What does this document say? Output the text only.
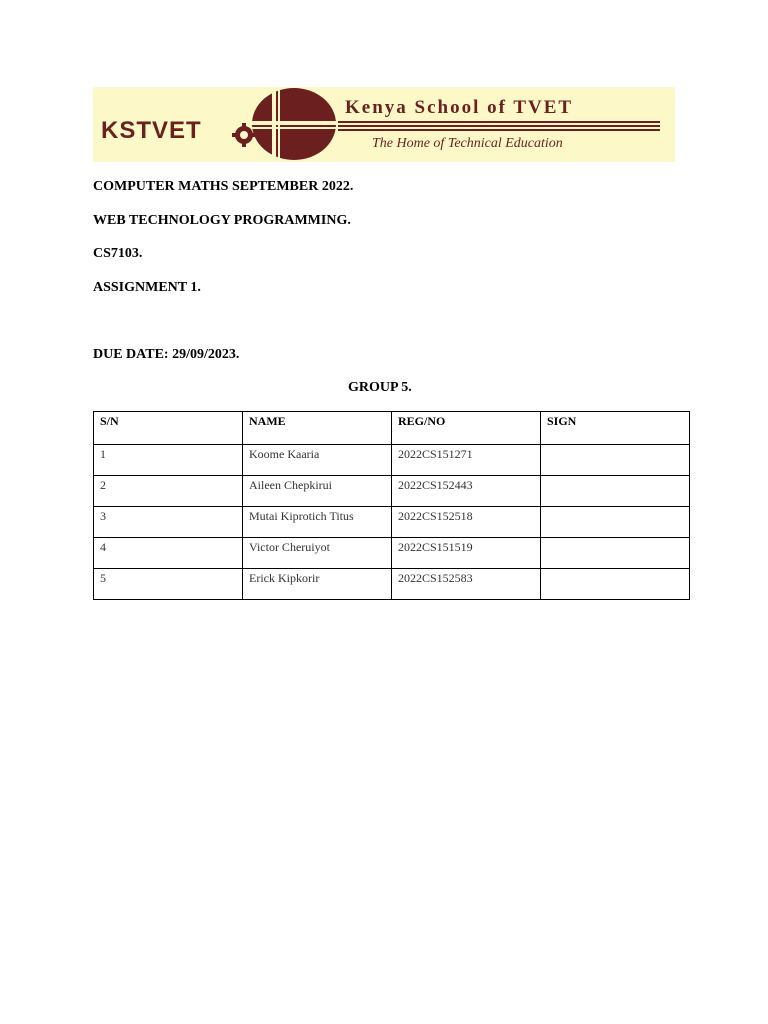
KSTVET
Kenya School of TVET
The Home of Technical Education
COMPUTER MATHS SEPTEMBER 2022.
WEB TECHNOLOGY PROGRAMMING.
CS7103.
ASSIGNMENT 1.
DUE DATE: 29/09/2023.
GROUP 5.
S/N	NAME	REG/NO	SIGN
1	Koome Kaaria	2022CS151271	
2	Aileen Chepkirui	2022CS152443	
3	Mutai Kiprotich Titus	2022CS152518	
4	Victor Cheruiyot	2022CS151519	
5	Erick Kipkorir	2022CS152583	
